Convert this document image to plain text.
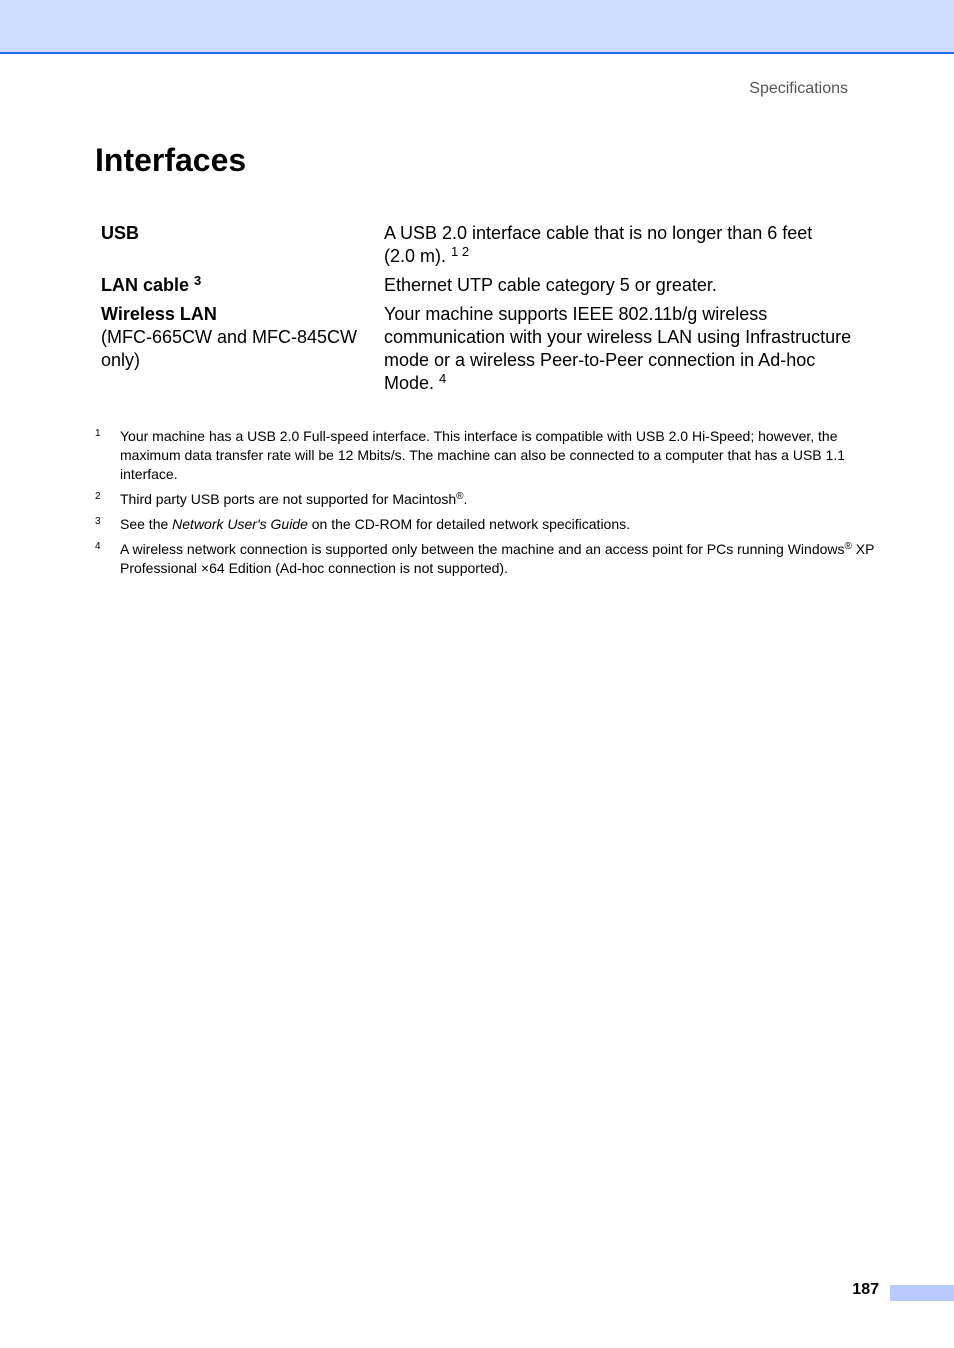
Specifications
Interfaces
USB	A USB 2.0 interface cable that is no longer than 6 feet
(2.0 m). $^{1 2}$
LAN cable $^3$	Ethernet UTP cable category 5 or greater.
Wireless LAN
(MFC-665CW and MFC-845CW only)	Your machine supports IEEE 802.11b/g wireless communication with your wireless LAN using Infrastructure mode or a wireless Peer-to-Peer connection in Ad-hoc
Mode. $^4$
1	Your machine has a USB 2.0 Full-speed interface. This interface is compatible with USB 2.0 Hi-Speed; however, the maximum data transfer rate will be 12 Mbits/s. The machine can also be connected to a computer that has a USB 1.1 interface.
2	Third party USB ports are not supported for Macintosh®.
3	See the Network User's Guide on the CD-ROM for detailed network specifications.
4	A wireless network connection is supported only between the machine and an access point for PCs running Windows® XP Professional ×64 Edition (Ad-hoc connection is not supported).
187
